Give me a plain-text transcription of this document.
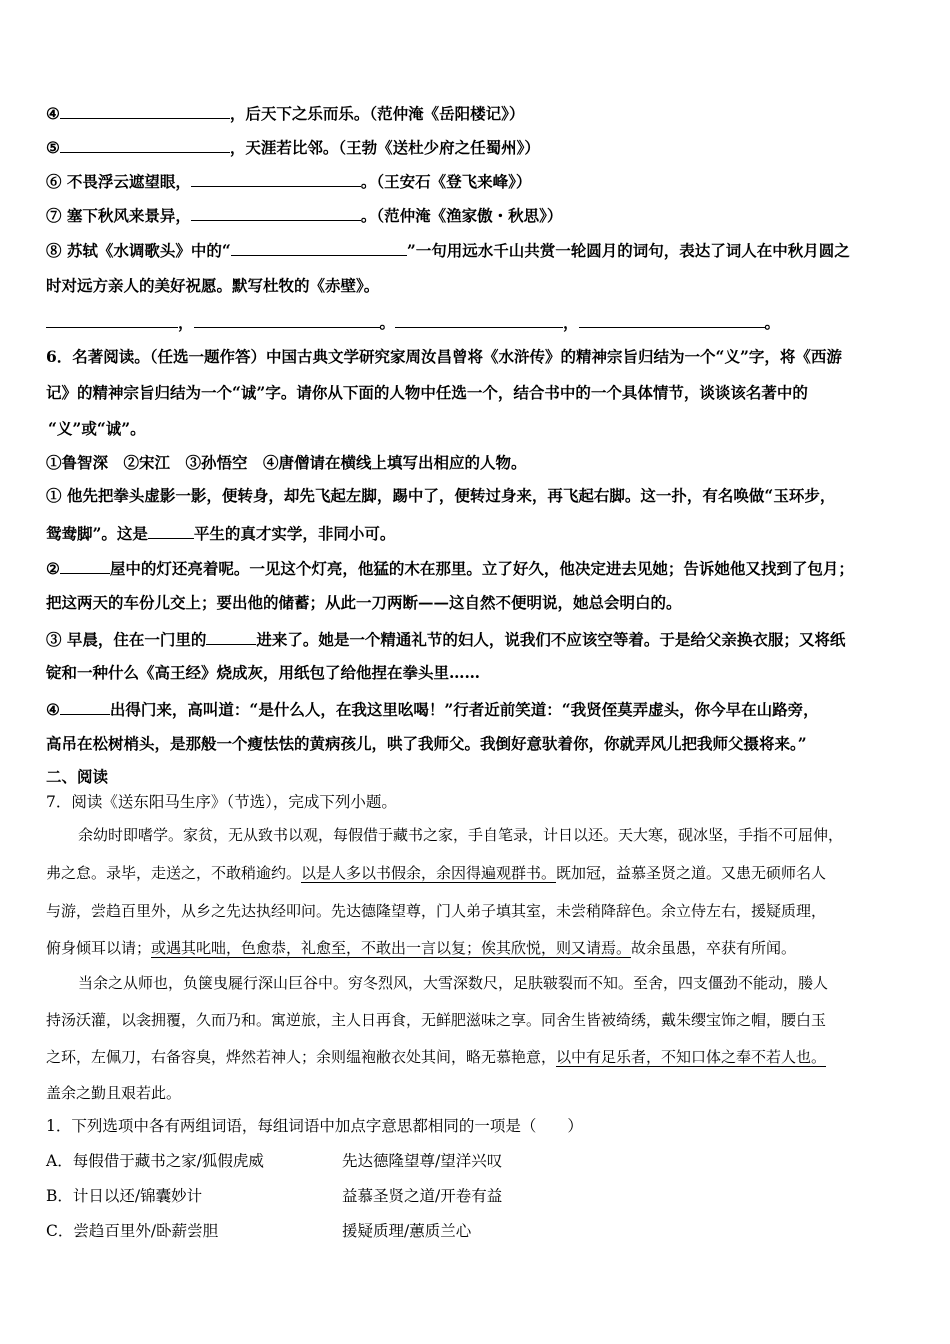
④	，后天下之乐而乐。（范仲淹《岳阳楼记》）
⑤	，天涯若比邻。（王勃《送杜少府之任蜀州》）
⑥ 不畏浮云遮望眼，	。（王安石《登飞来峰》）
⑦ 塞下秋风来景异，	。（范仲淹《渔家傲・秋思》）
⑧ 苏轼《水调歌头》中的“	”一句用远水千山共赏一轮圆月的词句，表达了词人在中秋月圆之
时对远方亲人的美好祝愿。默写杜牧的《赤壁》。
，	。	，	。
6．名著阅读。（任选一题作答）中国古典文学研究家周汝昌曾将《水浒传》的精神宗旨归结为一个“义”字，将《西游
记》的精神宗旨归结为一个“诚”字。请你从下面的人物中任选一个，结合书中的一个具体情节，谈谈该名著中的
“义”或“诚”。
①鲁智深　②宋江　③孙悟空　④唐僧请在横线上填写出相应的人物。
① 他先把拳头虚影一影，便转身，却先飞起左脚，踢中了，便转过身来，再飞起右脚。这一扑，有名唤做“玉环步，
鸳鸯脚”。这是	平生的真才实学，非同小可。
②	屋中的灯还亮着呢。一见这个灯亮，他猛的木在那里。立了好久，他决定进去见她；告诉她他又找到了包月；
把这两天的车份儿交上；要出他的储蓄；从此一刀两断——这自然不便明说，她总会明白的。
③ 早晨，住在一门里的	进来了。她是一个精通礼节的妇人，说我们不应该空等着。于是给父亲换衣服；又将纸
锭和一种什么《高王经》烧成灰，用纸包了给他捏在拳头里……
④	出得门来，高叫道：“是什么人，在我这里吆喝！”行者近前笑道：“我贤侄莫弄虚头，你今早在山路旁，
高吊在松树梢头，是那般一个瘦怯怯的黄病孩儿，哄了我师父。我倒好意驮着你，你就弄风儿把我师父摄将来。”
二、阅读
7．阅读《送东阳马生序》（节选），完成下列小题。
余幼时即嗜学。家贫，无从致书以观，每假借于藏书之家，手自笔录，计日以还。天大寒，砚冰坚，手指不可屈伸，
弗之怠。录毕，走送之，不敢稍逾约。以是人多以书假余，余因得遍观群书。既加冠，益慕圣贤之道。又患无硕师名人
与游，尝趋百里外，从乡之先达执经叩问。先达德隆望尊，门人弟子填其室，未尝稍降辞色。余立侍左右，援疑质理，
俯身倾耳以请；或遇其叱咄，色愈恭，礼愈至，不敢出一言以复；俟其欣悦，则又请焉。故余虽愚，卒获有所闻。
当余之从师也，负箧曳屣行深山巨谷中。穷冬烈风，大雪深数尺，足肤皲裂而不知。至舍，四支僵劲不能动，媵人
持汤沃灌，以衾拥覆，久而乃和。寓逆旅，主人日再食，无鲜肥滋味之享。同舍生皆被绮绣，戴朱缨宝饰之帽，腰白玉
之环，左佩刀，右备容臭，烨然若神人；余则缊袍敝衣处其间，略无慕艳意，以中有足乐者，不知口体之奉不若人也。
盖余之勤且艰若此。
1．下列选项中各有两组词语，每组词语中加点字意思都相同的一项是（　　）
A．每假借于藏书之家/狐假虎威	先达德隆望尊/望洋兴叹
B．计日以还/锦囊妙计	益慕圣贤之道/开卷有益
C．尝趋百里外/卧薪尝胆	援疑质理/蕙质兰心
